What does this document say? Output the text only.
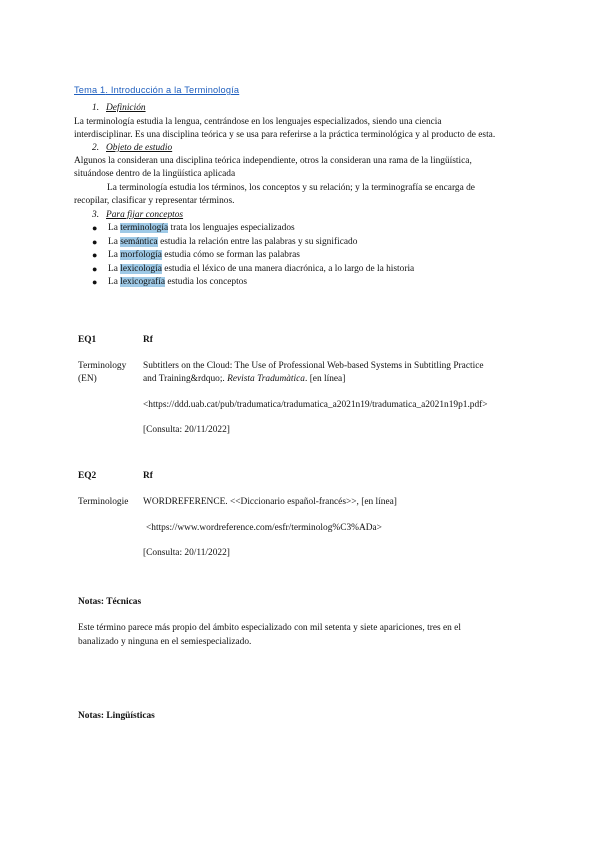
Tema 1. Introducción a la Terminología
1. Definición
La terminología estudia la lengua, centrándose en los lenguajes especializados, siendo una ciencia
interdisciplinar. Es una disciplina teórica y se usa para referirse a la práctica terminológica y al producto de esta.
2. Objeto de estudio
Algunos la consideran una disciplina teórica independiente, otros la consideran una rama de la lingüística,
situándose dentro de la lingüística aplicada
La terminología estudia los términos, los conceptos y su relación; y la terminografía se encarga de
recopilar, clasificar y representar términos.
3. Para fijar conceptos
● La terminología trata los lenguajes especializados
● La semántica estudia la relación entre las palabras y su significado
● La morfología estudia cómo se forman las palabras
● La lexicología estudia el léxico de una manera diacrónica, a lo largo de la historia
● La lexicografía estudia los conceptos
EQ1	Rf
Terminology
(EN)
Subtitlers on the Cloud: The Use of Professional Web-based Systems in Subtitling Practice
and Training&rdquo;. Revista Tradumàtica. [en línea]
<https://ddd.uab.cat/pub/tradumatica/tradumatica_a2021n19/tradumatica_a2021n19p1.pdf>
[Consulta: 20/11/2022]
EQ2	Rf
Terminologie WORDREFERENCE. <<Diccionario español-francés>>, [en línea]
<https://www.wordreference.com/esfr/terminolog%C3%ADa>
[Consulta: 20/11/2022]
Notas: Técnicas
Este término parece más propio del ámbito especializado con mil setenta y siete apariciones, tres en el
banalizado y ninguna en el semiespecializado.
Notas: Lingüísticas
